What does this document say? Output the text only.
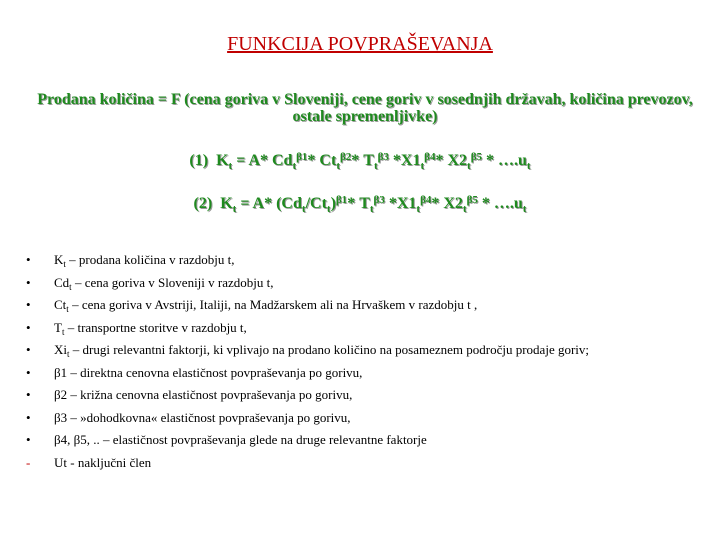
FUNKCIJA POVPRAŠEVANJA
Prodana količina = F (cena goriva v Sloveniji, cene goriv v sosednjih državah, količina prevozov, ostale spremenljivke)
(1) $K_t = A*$ $Cd_t^{\beta 1}*$ $Ct_t^{\beta 2}*$ $T_t^{\beta 3}$ $*X1_t^{\beta 4}*$ $X2_t^{\beta 5}$ * $\dots.u_t$
(2) $K_t = A*$ $(Cd_t/Ct_t)^{\beta 1}*$ $T_t^{\beta 3}$ $*X1_t^{\beta 4}*$ $X2_t^{\beta 5}$ * $\dots.u_t$
•	$K_t$ – prodana količina v razdobju t,
•	$Cd_t$ – cena goriva v Sloveniji v razdobju t,
•	$Ct_t$ – cena goriva v Avstriji, Italiji, na Madžarskem ali na Hrvaškem v razdobju t ,
•	$T_t$ – transportne storitve v razdobju t,
•	$Xi_t$ – drugi relevantni faktorji, ki vplivajo na prodano količino na posameznem področju prodaje goriv;
•	β1 – direktna cenovna elastičnost povpraševanja po gorivu,
•	β2 – križna cenovna elastičnost povpraševanja po gorivu,
•	β3 – »dohodkovna« elastičnost povpraševanja po gorivu,
•	β4, β5, .. – elastičnost povpraševanja glede na druge relevantne faktorje
-	Ut - naključni člen
